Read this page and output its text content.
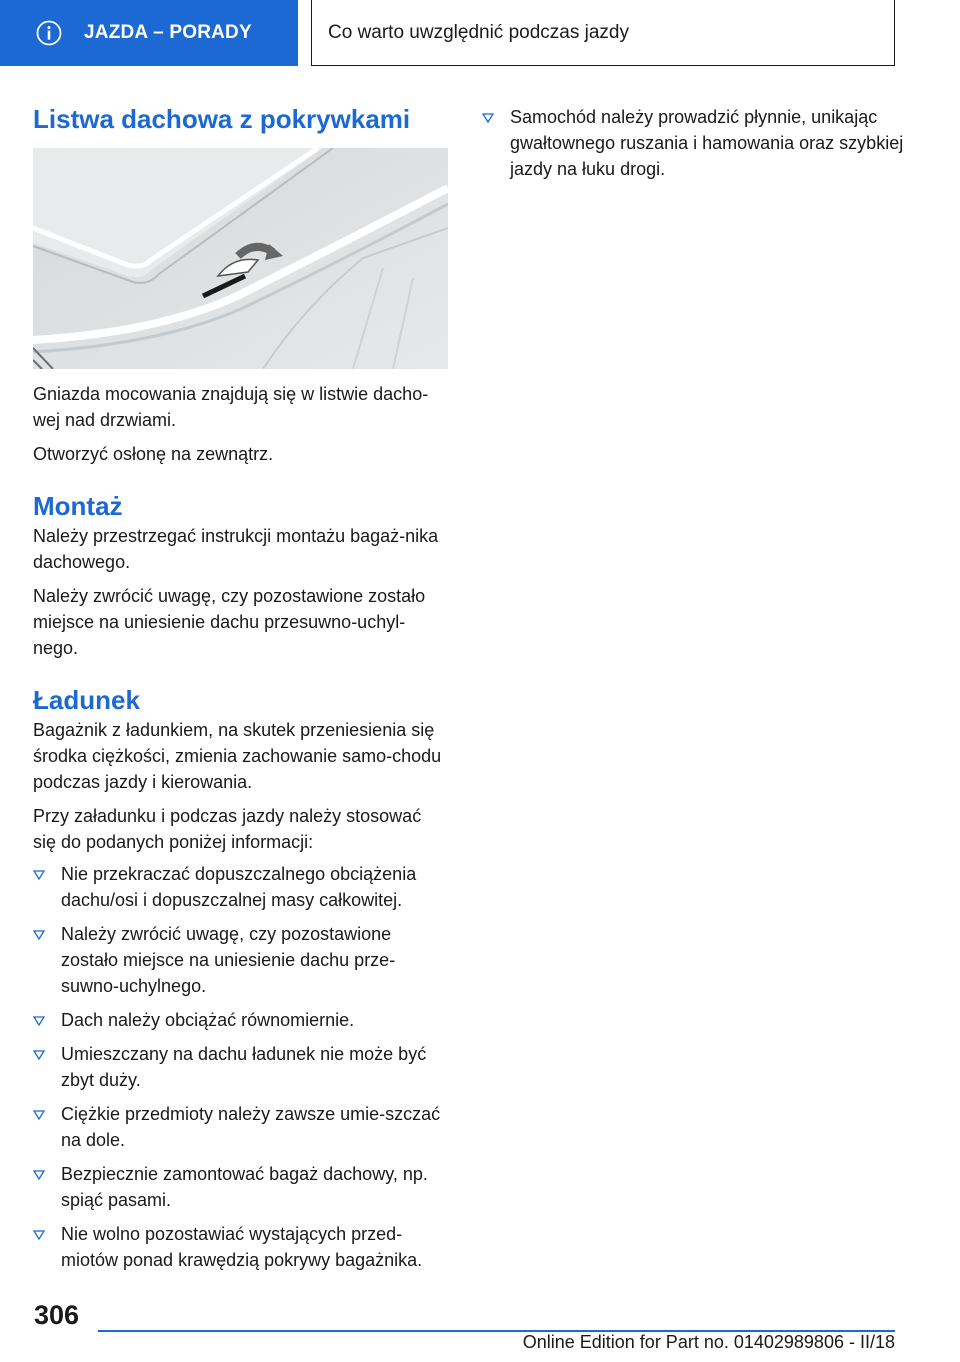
JAZDA – PORADY	Co warto uwzględnić podczas jazdy
Listwa dachowa z pokrywkami

Gniazda mocowania znajdują się w listwie dacho-wej nad drzwiami.

Otworzyć osłonę na zewnątrz.

Montaż

Należy przestrzegać instrukcji montażu bagaż-nika dachowego.

Należy zwrócić uwagę, czy pozostawione zostało miejsce na uniesienie dachu przesuwno-uchyl-nego.

Ładunek

Bagażnik z ładunkiem, na skutek przeniesienia się środka ciężkości, zmienia zachowanie samo-chodu podczas jazdy i kierowania.

Przy załadunku i podczas jazdy należy stosować się do podanych poniżej informacji:

Nie przekraczać dopuszczalnego obciążenia dachu/osi i dopuszczalnej masy całkowitej.
Należy zwrócić uwagę, czy pozostawione zostało miejsce na uniesienie dachu prze-suwno-uchylnego.
Dach należy obciążać równomiernie.
Umieszczany na dachu ładunek nie może być zbyt duży.
Ciężkie przedmioty należy zawsze umie-szczać na dole.
Bezpiecznie zamontować bagaż dachowy, np. spiąć pasami.
Nie wolno pozostawiać wystających przed-miotów ponad krawędzią pokrywy bagażnika.
Samochód należy prowadzić płynnie, unikając gwałtownego ruszania i hamowania oraz szybkiej jazdy na łuku drogi.
306
Online Edition for Part no. 01402989806 - II/18
